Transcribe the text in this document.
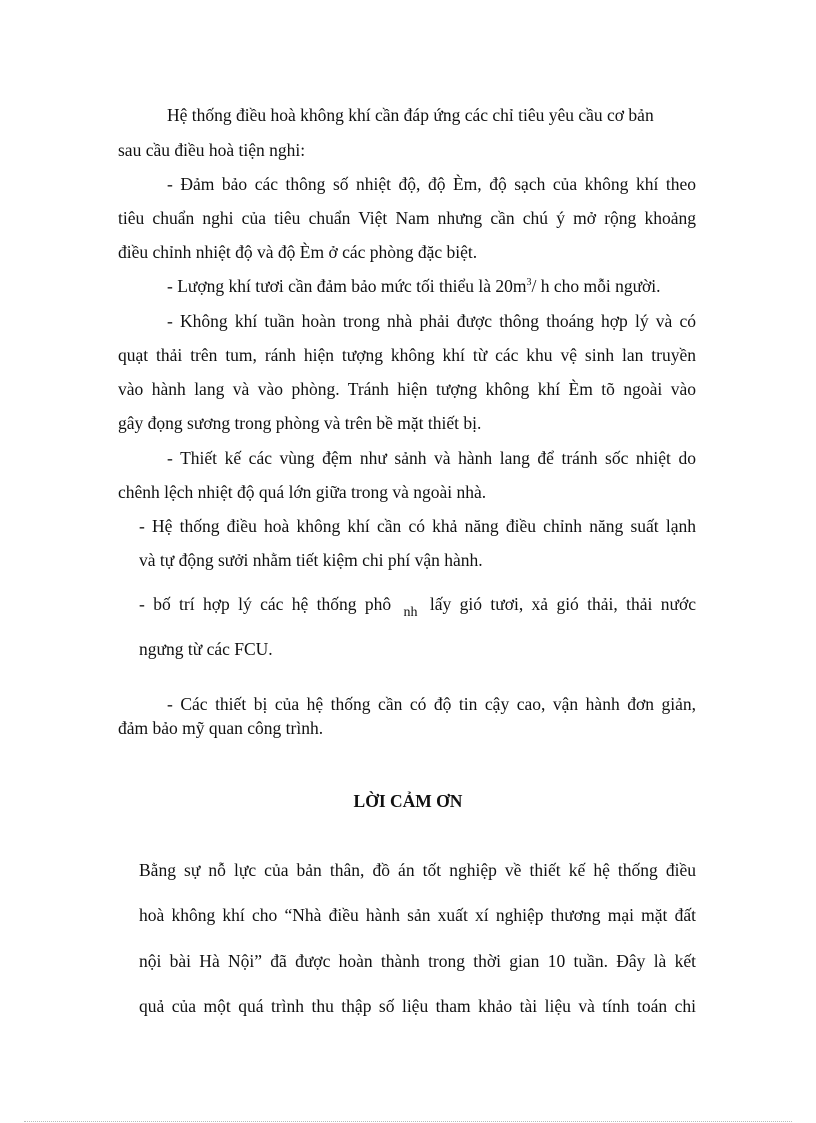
Hệ thống điều hoà không khí cần đáp ứng các chỉ tiêu yêu cầu cơ bản
sau cầu điều hoà tiện nghi:
- Đảm bảo các thông số nhiệt độ, độ Èm, độ sạch của không khí theo
tiêu chuẩn nghi của tiêu chuẩn Việt Nam nhưng cần chú ý mở rộng khoảng
điều chỉnh nhiệt độ và độ Èm ở các phòng đặc biệt.
- Lượng khí tươi cần đảm bảo mức tối thiểu là $20m^3/$ h cho mỗi người.
- Không khí tuần hoàn trong nhà phải được thông thoáng hợp lý và có
quạt thải trên tum, ránh hiện tượng không khí từ các khu vệ sinh lan truyền
vào hành lang và vào phòng. Tránh hiện tượng không khí Èm tõ ngoài vào
gây đọng sương trong phòng và trên bề mặt thiết bị.
- Thiết kế các vùng đệm như sảnh và hành lang để tránh sốc nhiệt do
chênh lệch nhiệt độ quá lớn giữa trong và ngoài nhà.
- Hệ thống điều hoà không khí cần có khả năng điều chỉnh năng suất lạnh
và tự động sưởi nhằm tiết kiệm chi phí vận hành.
- bố trí hợp lý các hệ thống phô nh lấy gió tươi, xả gió thải, thải nước
ngưng từ các FCU.
- Các thiết bị của hệ thống cần có độ tin cậy cao, vận hành đơn giản,
đảm bảo mỹ quan công trình.
LỜI CẢM ƠN
Bằng sự nỗ lực của bản thân, đồ án tốt nghiệp về thiết kế hệ thống điều
hoà không khí cho “Nhà điều hành sản xuất xí nghiệp thương mại mặt đất
nội bài Hà Nội” đã được hoàn thành trong thời gian 10 tuần. Đây là kết
quả của một quá trình thu thập số liệu tham khảo tài liệu và tính toán chi
